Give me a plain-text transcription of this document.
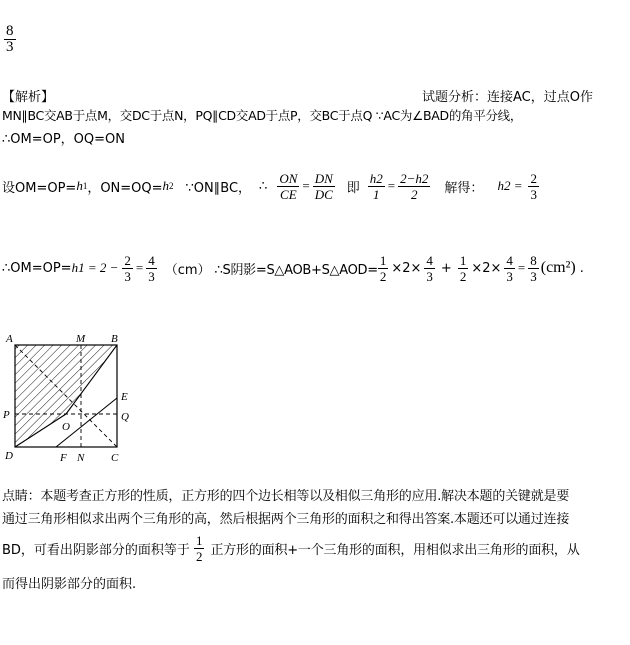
$\frac{8}{3}$
【解析】	试题分析：连接AC，过点O作
MN∥BC交AB于点M，交DC于点N，PQ∥CD交AD于点P，交BC于点Q ∵AC为∠BAD的角平分线，
∴OM=OP，OQ=ON
设OM=OP= h 1 ，ON=OQ= h 2 ∵ON∥BC， ∴ $\frac{ON}{CE} = \frac{DN}{DC}$ 即 $\frac{h2}{1} = \frac{2-h2}{2}$ 解得： $h2 = \frac{2}{3}$
∴OM=OP= $h1 = 2 - \frac{2}{3} = \frac{4}{3} (cm)$ ∴S阴影=S△AOB+S△AOD= $\frac{1}{2} \times 2\times \frac{4}{3} + \frac{1}{2} \times 2\times \frac{4}{3} = \frac{8}{3} (cm^2)$ .
A	M B
E
Q
P
O
D	F N C
点睛：本题考查正方形的性质，正方形的四个边长相等以及相似三角形的应用.解决本题的关键就是要
通过三角形相似求出两个三角形的高，然后根据两个三角形的面积之和得出答案.本题还可以通过连接
BD，可看出阴影部分的面积等于 $\frac{1}{2}$ 正方形的面积+一个三角形的面积，用相似求出三角形的面积，从
而得出阴影部分的面积.
